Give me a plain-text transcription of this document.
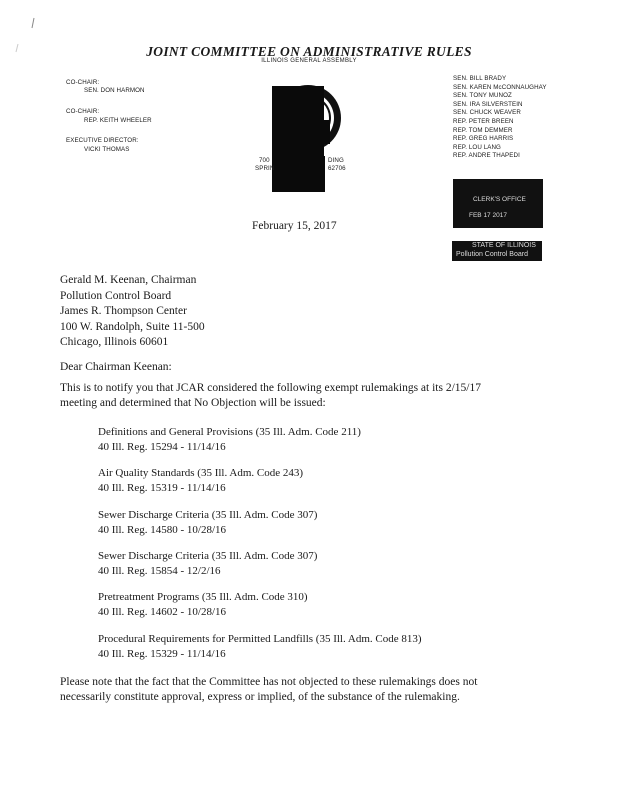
JOINT COMMITTEE ON ADMINISTRATIVE RULES
ILLINOIS GENERAL ASSEMBLY
CO-CHAIR:
SEN. DON HARMON
CO-CHAIR:
REP. KEITH WHEELER
EXECUTIVE DIRECTOR:
VICKI THOMAS
700	DING
SPRIN	62706
SEN. BILL BRADY
SEN. KAREN McCONNAUGHAY
SEN. TONY MUNOZ
SEN. IRA SILVERSTEIN
SEN. CHUCK WEAVER
REP. PETER BREEN
REP. TOM DEMMER
REP. GREG HARRIS
REP. LOU LANG
REP. ANDRE THAPEDI
CLERK'S OFFICE
FEB 17 2017
STATE OF ILLINOIS
Pollution Control Board
February 15, 2017
Gerald M. Keenan, Chairman
Pollution Control Board
James R. Thompson Center
100 W. Randolph, Suite 11-500
Chicago, Illinois 60601
Dear Chairman Keenan:
This is to notify you that JCAR considered the following exempt rulemakings at its 2/15/17
meeting and determined that No Objection will be issued:
Definitions and General Provisions (35 Ill. Adm. Code 211)
40 Ill. Reg. 15294 - 11/14/16
Air Quality Standards (35 Ill. Adm. Code 243)
40 Ill. Reg. 15319 - 11/14/16
Sewer Discharge Criteria (35 Ill. Adm. Code 307)
40 Ill. Reg. 14580 - 10/28/16
Sewer Discharge Criteria (35 Ill. Adm. Code 307)
40 Ill. Reg. 15854 - 12/2/16
Pretreatment Programs (35 Ill. Adm. Code 310)
40 Ill. Reg. 14602 - 10/28/16
Procedural Requirements for Permitted Landfills (35 Ill. Adm. Code 813)
40 Ill. Reg. 15329 - 11/14/16
Please note that the fact that the Committee has not objected to these rulemakings does not
necessarily constitute approval, express or implied, of the substance of the rulemaking.
